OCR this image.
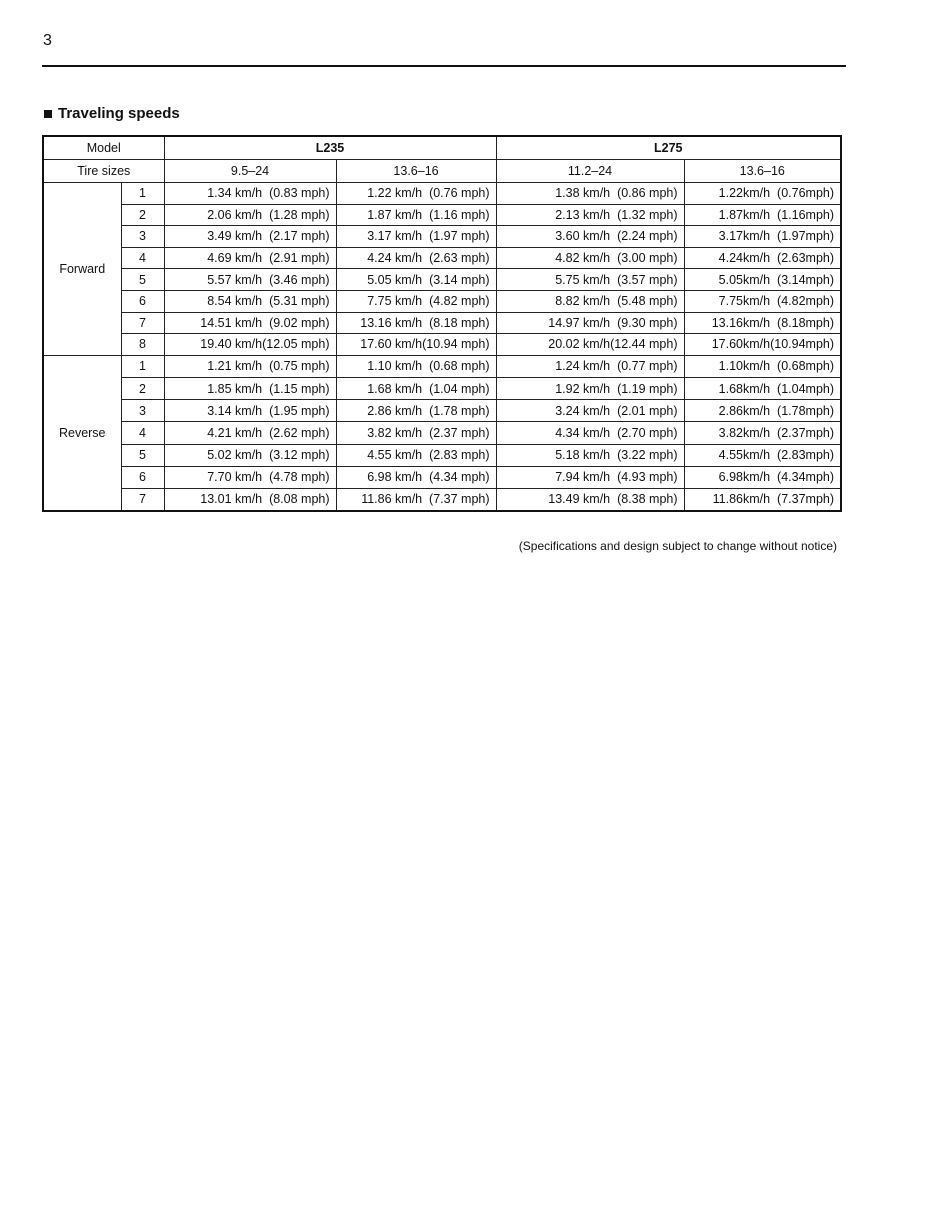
3
Traveling speeds
Model		L235		L275	
Tire sizes		9.5‒24	13.6‒16	11.2‒24	13.6‒16
Forward	1	1.34 km/h  (0.83 mph)	1.22 km/h  (0.76 mph)	1.38 km/h  (0.86 mph)	1.22km/h  (0.76mph)
	2	2.06 km/h  (1.28 mph)	1.87 km/h  (1.16 mph)	2.13 km/h  (1.32 mph)	1.87km/h  (1.16mph)
	3	3.49 km/h  (2.17 mph)	3.17 km/h  (1.97 mph)	3.60 km/h  (2.24 mph)	3.17km/h  (1.97mph)
	4	4.69 km/h  (2.91 mph)	4.24 km/h  (2.63 mph)	4.82 km/h  (3.00 mph)	4.24km/h  (2.63mph)
	5	5.57 km/h  (3.46 mph)	5.05 km/h  (3.14 mph)	5.75 km/h  (3.57 mph)	5.05km/h  (3.14mph)
	6	8.54 km/h  (5.31 mph)	7.75 km/h  (4.82 mph)	8.82 km/h  (5.48 mph)	7.75km/h  (4.82mph)
	7	14.51 km/h  (9.02 mph)	13.16 km/h  (8.18 mph)	14.97 km/h  (9.30 mph)	13.16km/h  (8.18mph)
	8	19.40 km/h(12.05 mph)	17.60 km/h(10.94 mph)	20.02 km/h(12.44 mph)	17.60km/h(10.94mph)
Reverse	1	1.21 km/h  (0.75 mph)	1.10 km/h  (0.68 mph)	1.24 km/h  (0.77 mph)	1.10km/h  (0.68mph)
	2	1.85 km/h  (1.15 mph)	1.68 km/h  (1.04 mph)	1.92 km/h  (1.19 mph)	1.68km/h  (1.04mph)
	3	3.14 km/h  (1.95 mph)	2.86 km/h  (1.78 mph)	3.24 km/h  (2.01 mph)	2.86km/h  (1.78mph)
	4	4.21 km/h  (2.62 mph)	3.82 km/h  (2.37 mph)	4.34 km/h  (2.70 mph)	3.82km/h  (2.37mph)
	5	5.02 km/h  (3.12 mph)	4.55 km/h  (2.83 mph)	5.18 km/h  (3.22 mph)	4.55km/h  (2.83mph)
	6	7.70 km/h  (4.78 mph)	6.98 km/h  (4.34 mph)	7.94 km/h  (4.93 mph)	6.98km/h  (4.34mph)
	7	13.01 km/h  (8.08 mph)	11.86 km/h  (7.37 mph)	13.49 km/h  (8.38 mph)	11.86km/h  (7.37mph)
(Specifications and design subject to change without notice)
